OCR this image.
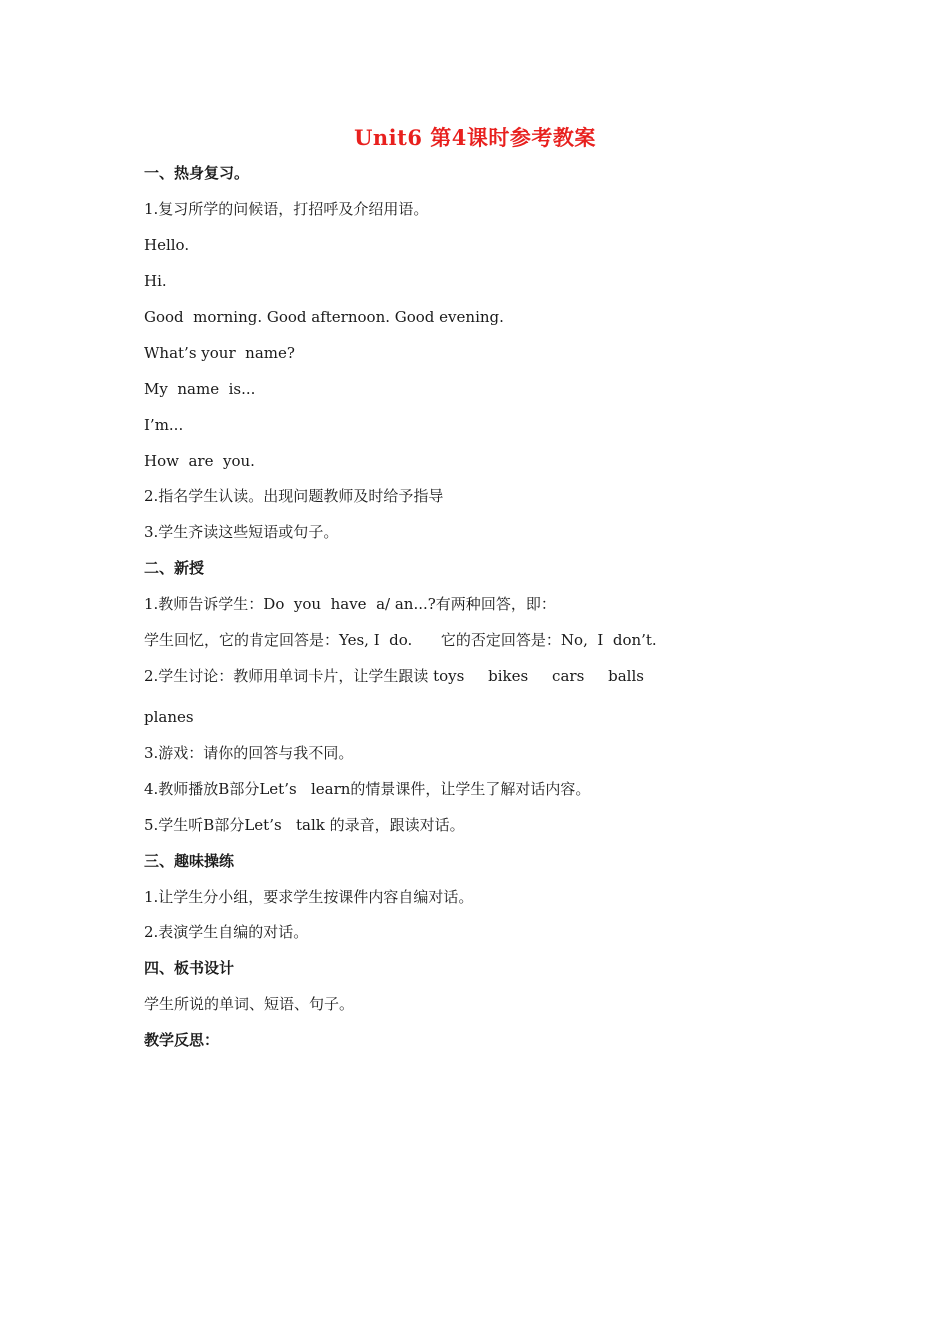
Unit6 第4课时参考教案
一、热身复习。
1.复习所学的问候语，打招呼及介绍用语。
Hello.
Hi.
Good  morning. Good afternoon. Good evening.
What’s your  name?
My  name  is...
I’m...
How  are  you.
2.指名学生认读。出现问题教师及时给予指导
3.学生齐读这些短语或句子。
二、新授
1.教师告诉学生：Do  you  have  a/ an...?有两种回答，即：
学生回忆，它的肯定回答是：Yes, I  do.      它的否定回答是：No,  I  don’t.
2.学生讨论：教师用单词卡片，让学生跟读 toys     bikes     cars     balls
planes
3.游戏：请你的回答与我不同。
4.教师播放B部分Let’s   learn的情景课件，让学生了解对话内容。
5.学生听B部分Let’s   talk 的录音，跟读对话。
三、趣味操练
1.让学生分小组，要求学生按课件内容自编对话。
2.表演学生自编的对话。
四、板书设计
学生所说的单词、短语、句子。
教学反思：
